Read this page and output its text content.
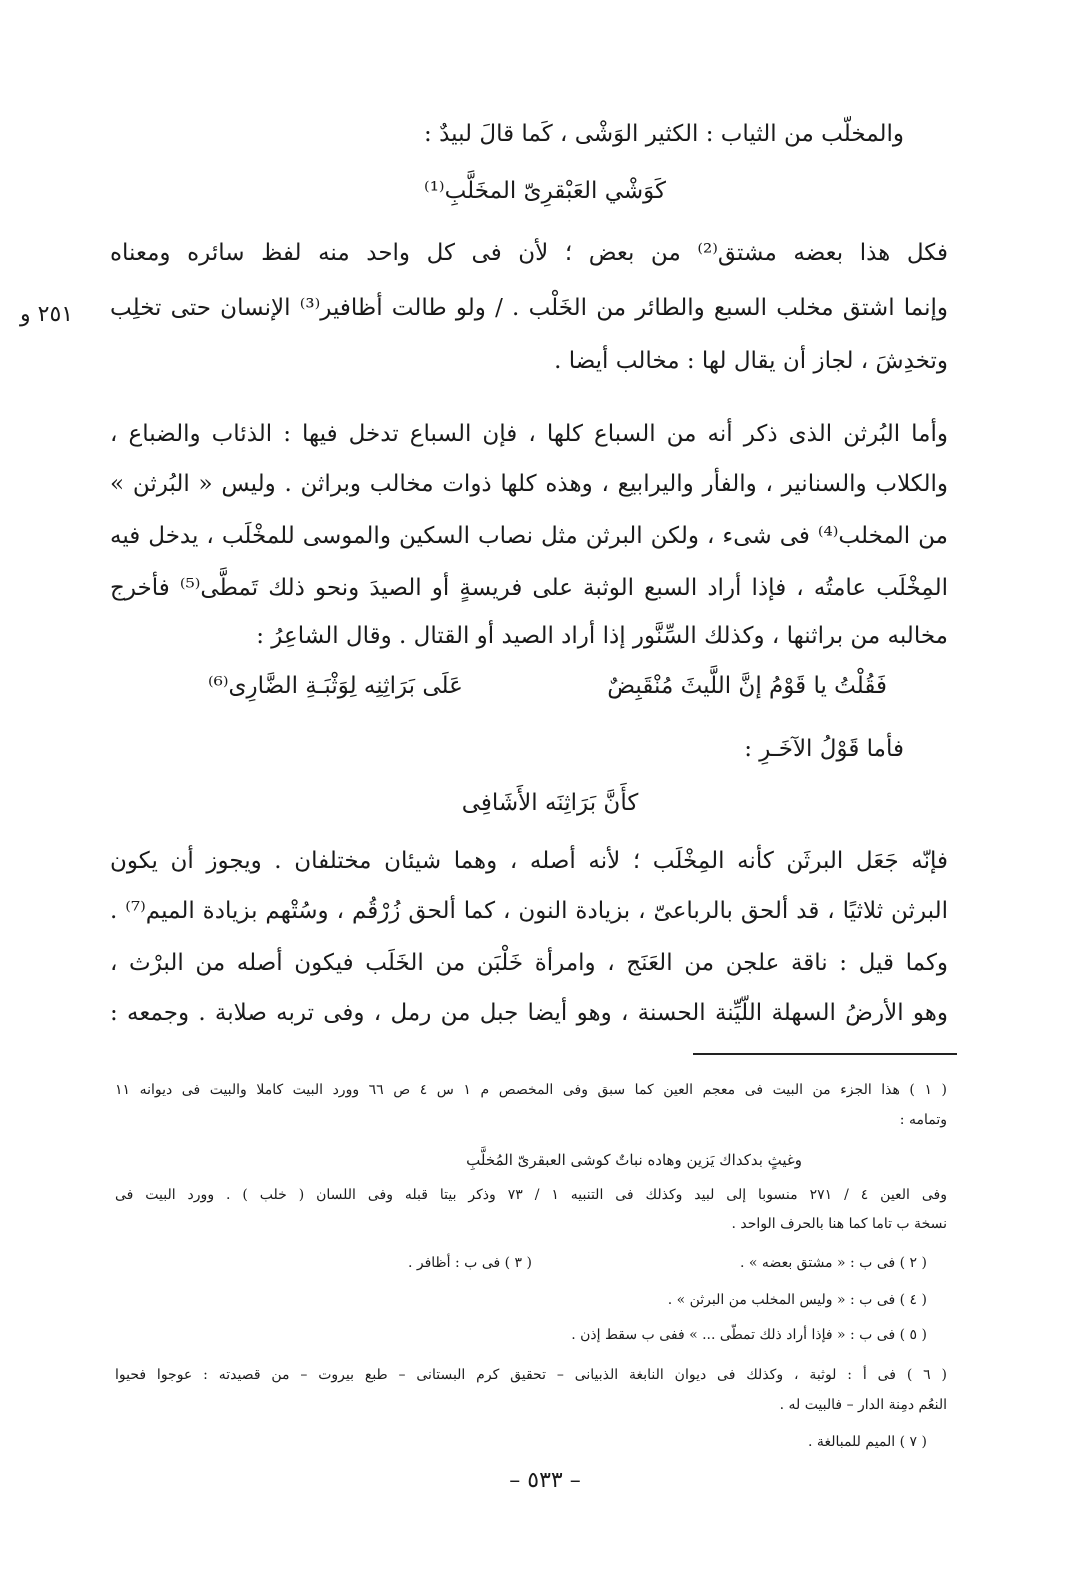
والمخلّب من الثياب : الكثير الوَشْى ، كَما قالَ لبيدٌ :
كَوَشْي العَبْقرِىّ المخَلَّبِ⁽¹⁾
فكل هذا بعضه مشتق⁽²⁾ من بعض ؛ لأن فى كل واحد منه لفظ سائره ومعناه
وإنما اشتق مخلب السبع والطائر من الخَلْب . / ولو طالت أظافير⁽³⁾ الإنسان حتى تخلِب
وتخدِشَ ، لجاز أن يقال لها : مخالب أيضا .
٢٥١ و
وأما البُرثن الذى ذكر أنه من السباع كلها ، فإن السباع تدخل فيها : الذئاب والضباع ،
والكلاب والسنانير ، والفأر واليرابيع ، وهذه كلها ذوات مخالب وبراثن . وليس « البُرثن »
من المخلب⁽⁴⁾ فى شىء ، ولكن البرثن مثل نصاب السكين والموسى للمخْلَب ، يدخل فيه
المِخْلَب عامتُه ، فإذا أراد السبع الوثبة على فريسةٍ أو الصيدَ ونحو ذلك تَمطَّى⁽⁵⁾ فأخرج
مخالبه من براثنها ، وكذلك السِّنَّور إذا أراد الصيد أو القتال . وقال الشاعِرُ :
فَقُلْتُ يا قَوْمُ إنَّ اللَّيثَ مُنْقَبِضٌ
عَلَى بَرَاثِنِه لِوَثْبَـةِ الضَّارِى⁽⁶⁾
فأما قَوْلُ الآخَـرِ :
كأَنَّ بَرَاثِنَه الأَشَافِى
فإنّه جَعَل البرثَن كأنه المِخْلَب ؛ لأنه أصله ، وهما شيئان مختلفان . ويجوز أن يكون
البرثن ثلاثيًا ، قد ألحق بالرباعىّ ، بزيادة النون ، كما ألحق زُرْقُم ، وسُتْهم بزيادة الميم⁽⁷⁾ .
وكما قيل : ناقة علجن من العَنَج ، وامرأة خَلْبَن من الخَلَب فيكون أصله من البرْث ،
وهو الأرضُ السهلة اللّيِّنة الحسنة ، وهو أيضا جبل من رمل ، وفى تربه صلابة . وجمعه :
( ١ ) هذا الجزء من البيت فى معجم العين كما سبق وفى المخصص م ١ س ٤ ص ٦٦ وورد البيت كاملا والبيت فى ديوانه ١١
وتمامه :
وغيثٍ بدكداك يَزين وهاده نباتٌ كوشى العبقرىّ المُخلَّبِ
وفى العين ٤ / ٢٧١ منسوبا إلى لبيد وكذلك فى التنبيه ١ / ٧٣ وذكر بيتا قبله وفى اللسان ( خلب ) . وورد البيت فى
نسخة ب تاما كما هنا بالحرف الواحد .
( ٢ ) فى ب : « مشتق بعضه » .
( ٣ ) فى ب : أظافر .
( ٤ ) فى ب : « وليس المخلب من البرثن » .
( ٥ ) فى ب : « فإذا أراد ذلك تمطّى ... » ففى ب سقط إذن .
( ٦ ) فى أ : لوثبة ، وكذلك فى ديوان النابغة الذبيانى – تحقيق كرم البستانى – طبع بيروت – من قصيدته : عوجوا فحيوا
النعُم دمِنة الدار – فالبيت له .
( ٧ ) الميم للمبالغة .
– ٥٣٣ –
